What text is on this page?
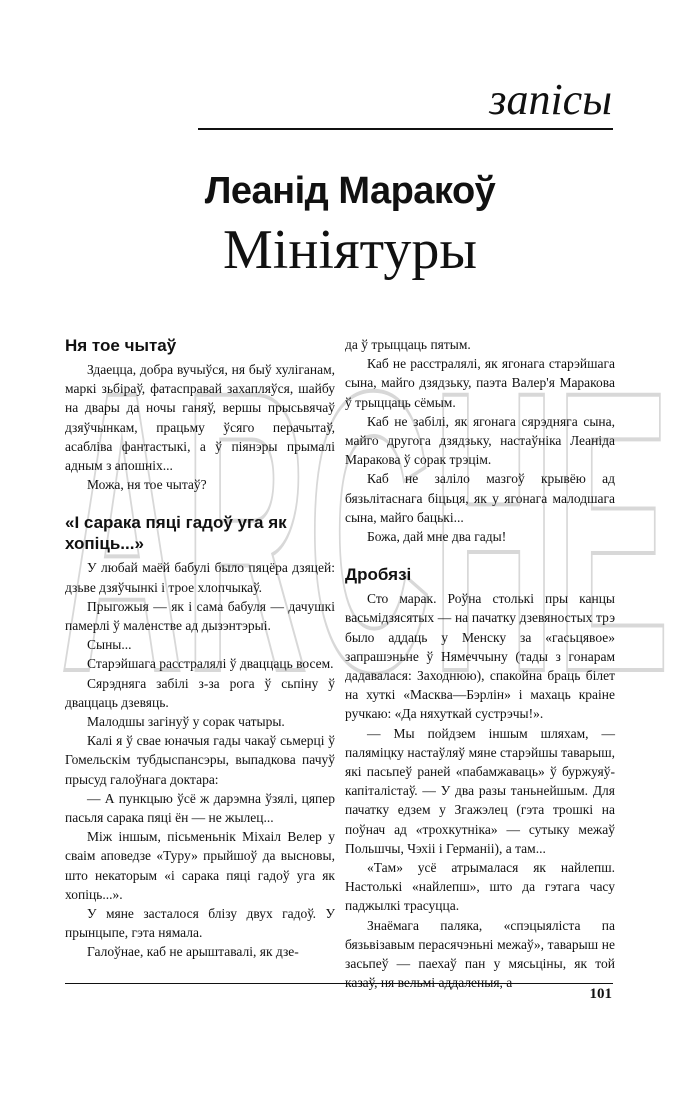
запісы
Леанід Маракоў
Мініятуры
ARCHE
Ня тое чытаў

Здаецца, добра вучыўся, ня быў хуліганам, маркі зьбіраў, фатасправай захапляўся, шайбу на двары да ночы ганяў, вершы прысьвячаў дзяўчынкам, працьму ўсяго перачытаў, асабліва фантастыкі, а ў піянэры прымалі адным з апошніх...

Можа, ня тое чытаў?

«І сарака пяці гадоў уга як хопіць...»

У любай маёй бабулі было пяцёра дзяцей: дзьве дзяўчынкі і трое хлопчыкаў.

Прыгожыя — як і сама бабуля — дачушкі памерлі ў маленстве ад дызэнтэрыі.

Сыны...

Старэйшага расстралялі ў дваццаць восем.

Сярэдняга забілі з-за рога ў сьпіну ў дваццаць дзевяць.

Малодшы загінуў у сорак чатыры.

Калі я ў свае юначыя гады чакаў сьмерці ў Гомельскім тубдыспансэры, выпадкова пачуў прысуд галоўнага доктара:

— А пункцыю ўсё ж дарэмна ўзялі, цяпер пасьля сарака пяці ён — не жылец...

Між іншым, пісьменьнік Міхаіл Велер у сваім аповедзе «Туру» прыйшоў да высновы, што некаторым «і сарака пяці гадоў уга як хопіць...».

У мяне засталося блізу двух гадоў. У прынцыпе, гэта нямала.

Галоўнае, каб не арыштавалі, як дзе-

да ў трыццаць пятым.

Каб не расстралялі, як ягонага старэйшага сына, майго дзядзьку, паэта Валер'я Маракова ў трыццаць сёмым.

Каб не забілі, як ягонага сярэдняга сына, майго другога дзядзьку, настаўніка Леаніда Маракова ў сорак трэцім.

Каб не заліло мазгоў крывёю ад бязьлітаснага біцьця, як у ягонага малодшага сына, майго бацькі...

Божа, дай мне два гады!

Дробязі

Сто марак. Роўна столькі пры канцы васьмідзясятых — на пачатку дзевяностых трэ было аддаць у Менску за «гасьцявое» запрашэньне ў Нямеччыну (тады з гонарам дадавалася: Заходнюю), спакойна браць білет на хуткі «Масква—Бэрлін» і махаць краіне ручкаю: «Да няхуткай сустрэчы!».

— Мы пойдзем іншым шляхам, — паляміцку настаўляў мяне старэйшы таварыш, які пасьпеў раней «пабамжаваць» ў буржуяў-капіталістаў. — У два разы таньнейшым. Для пачатку едзем у Згажэлец (гэта трошкі на поўнач ад «трохкутніка» — сутыку межаў Польшчы, Чэхіі і Германіі), а там...

«Там» усё атрымалася як найлепш. Настолькі «найлепш», што да гэтага часу паджылкі трасуцца.

Знаёмага паляка, «спэцыяліста па бязьвізавым перасячэньні межаў», таварыш не засьпеў — паехаў пан у мясьціны, як той казаў, ня вельмі аддаленыя, а

101
